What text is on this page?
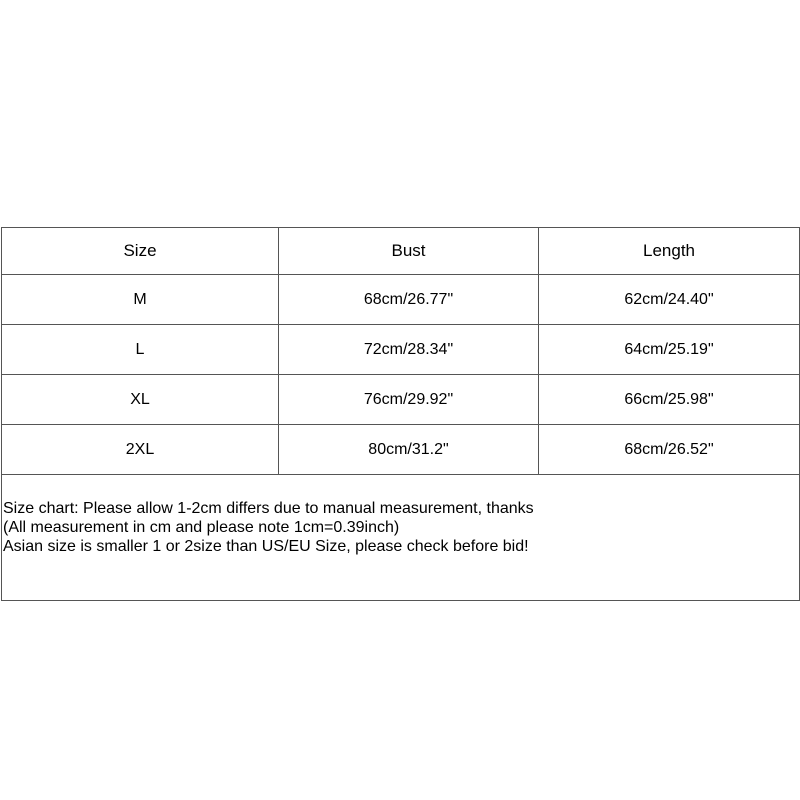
Size	Bust	Length
M	68cm/26.77"	62cm/24.40"
L	72cm/28.34"	64cm/25.19"
XL	76cm/29.92"	66cm/25.98"
2XL	80cm/31.2"	68cm/26.52"

Size chart: Please allow 1-2cm differs due to manual measurement, thanks
(All measurement in cm and please note 1cm=0.39inch)
Asian size is smaller 1 or 2size than US/EU Size, please check before bid!		
